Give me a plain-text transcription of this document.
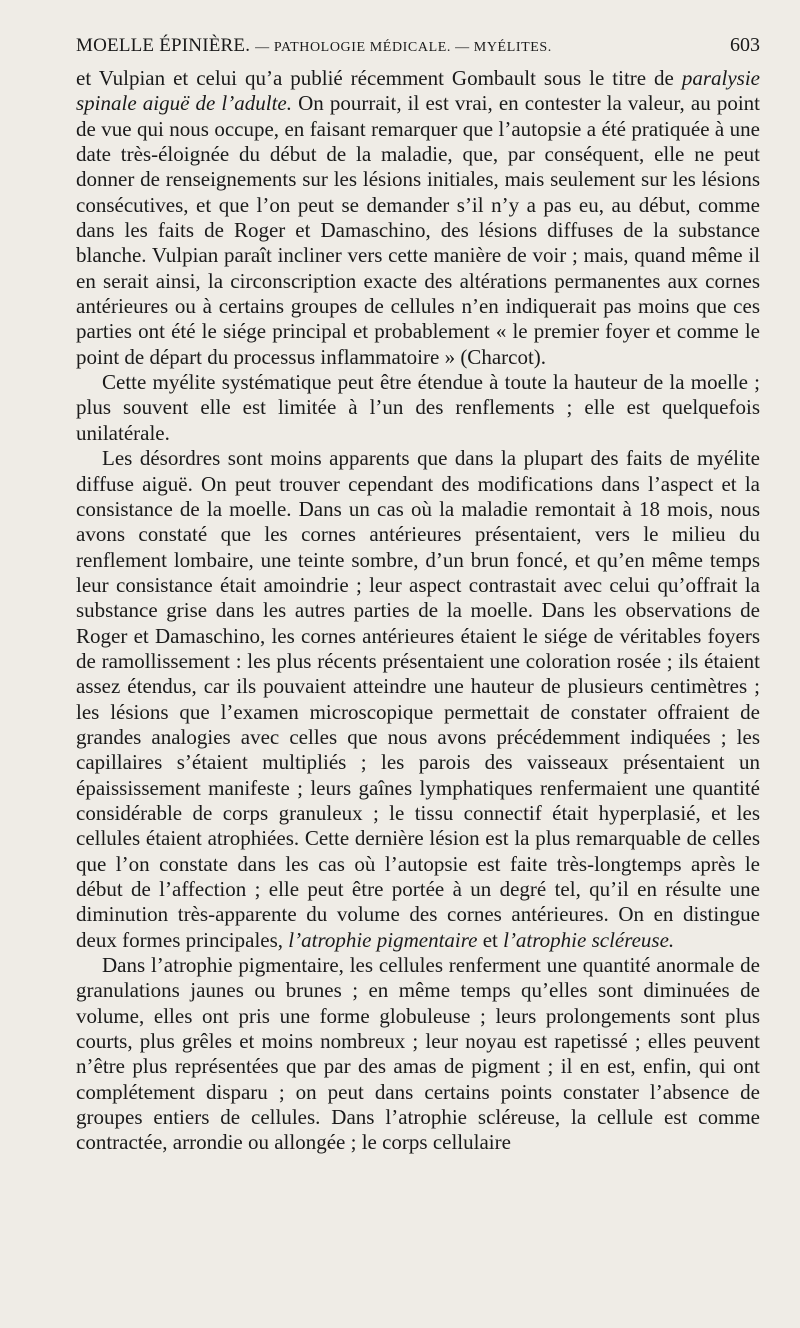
MOELLE ÉPINIÈRE. — PATHOLOGIE MÉDICALE. — MYÉLITES.	603

et Vulpian et celui qu’a publié récemment Gombault sous le titre de paralysie spinale aiguë de l’adulte. On pourrait, il est vrai, en contester la valeur, au point de vue qui nous occupe, en faisant remarquer que l’autopsie a été pratiquée à une date très-éloignée du début de la maladie, que, par conséquent, elle ne peut donner de renseignements sur les lésions initiales, mais seulement sur les lésions consécutives, et que l’on peut se demander s’il n’y a pas eu, au début, comme dans les faits de Roger et Damaschino, des lésions diffuses de la substance blanche. Vulpian paraît incliner vers cette manière de voir ; mais, quand même il en serait ainsi, la circonscription exacte des altérations permanentes aux cornes antérieures ou à certains groupes de cellules n’en indiquerait pas moins que ces parties ont été le siége principal et probablement « le premier foyer et comme le point de départ du processus inflammatoire » (Charcot).

Cette myélite systématique peut être étendue à toute la hauteur de la moelle ; plus souvent elle est limitée à l’un des renflements ; elle est quelquefois unilatérale.

Les désordres sont moins apparents que dans la plupart des faits de myélite diffuse aiguë. On peut trouver cependant des modifications dans l’aspect et la consistance de la moelle. Dans un cas où la maladie remontait à 18 mois, nous avons constaté que les cornes antérieures présentaient, vers le milieu du renflement lombaire, une teinte sombre, d’un brun foncé, et qu’en même temps leur consistance était amoindrie ; leur aspect contrastait avec celui qu’offrait la substance grise dans les autres parties de la moelle. Dans les observations de Roger et Damaschino, les cornes antérieures étaient le siége de véritables foyers de ramollissement : les plus récents présentaient une coloration rosée ; ils étaient assez étendus, car ils pouvaient atteindre une hauteur de plusieurs centimètres ; les lésions que l’examen microscopique permettait de constater offraient de grandes analogies avec celles que nous avons précédemment indiquées ; les capillaires s’étaient multipliés ; les parois des vaisseaux présentaient un épaississement manifeste ; leurs gaînes lymphatiques renfermaient une quantité considérable de corps granuleux ; le tissu connectif était hyperplasié, et les cellules étaient atrophiées. Cette dernière lésion est la plus remarquable de celles que l’on constate dans les cas où l’autopsie est faite très-longtemps après le début de l’affection ; elle peut être portée à un degré tel, qu’il en résulte une diminution très-apparente du volume des cornes antérieures. On en distingue deux formes principales, l’atrophie pigmentaire et l’atrophie scléreuse.

Dans l’atrophie pigmentaire, les cellules renferment une quantité anormale de granulations jaunes ou brunes ; en même temps qu’elles sont diminuées de volume, elles ont pris une forme globuleuse ; leurs prolongements sont plus courts, plus grêles et moins nombreux ; leur noyau est rapetissé ; elles peuvent n’être plus représentées que par des amas de pigment ; il en est, enfin, qui ont complétement disparu ; on peut dans certains points constater l’absence de groupes entiers de cellules. Dans l’atrophie scléreuse, la cellule est comme contractée, arrondie ou allongée ; le corps cellulaire
